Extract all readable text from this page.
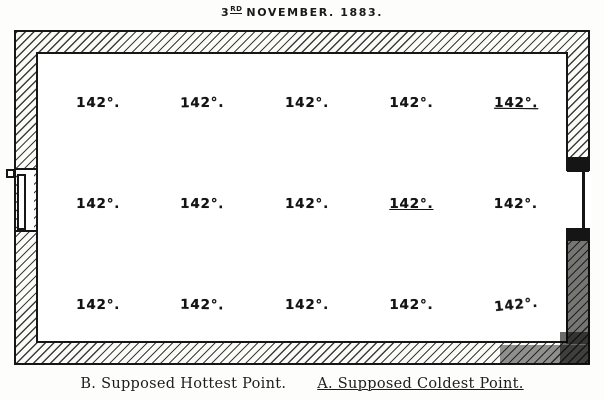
3RD NOVEMBER. 1883.
142°.	142°.	142°.	142°.	142°.
142°.	142°.	142°.	142°.	142°.
142°.	142°.	142°.	142°.	142°.
B. Supposed Hottest Point. A. Supposed Coldest Point.
